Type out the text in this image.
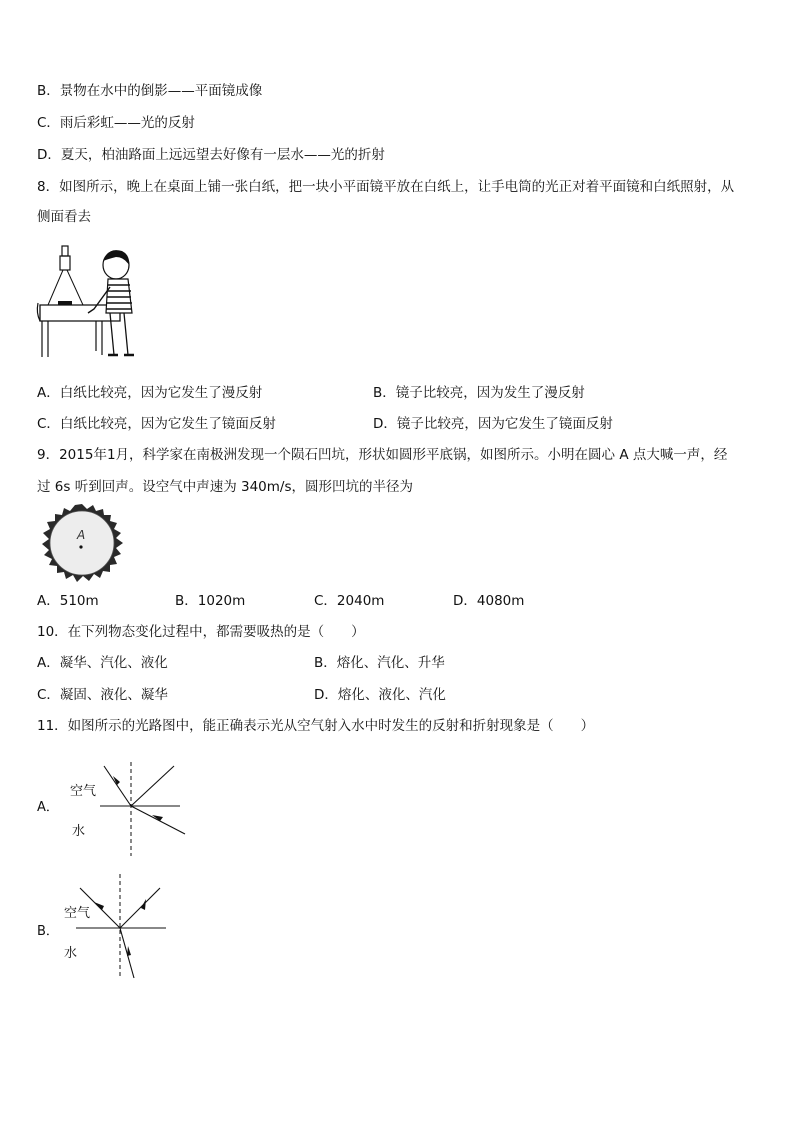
B．景物在水中的倒影——平面镜成像
C．雨后彩虹——光的反射
D．夏天，柏油路面上远远望去好像有一层水——光的折射
8．如图所示，晚上在桌面上铺一张白纸，把一块小平面镜平放在白纸上，让手电筒的光正对着平面镜和白纸照射，从
侧面看去
A．白纸比较亮，因为它发生了漫反射	B．镜子比较亮，因为发生了漫反射
C．白纸比较亮，因为它发生了镜面反射	D．镜子比较亮，因为它发生了镜面反射
9．2015年1月，科学家在南极洲发现一个陨石凹坑，形状如圆形平底锅，如图所示。小明在圆心 A 点大喊一声，经
过 6s 听到回声。设空气中声速为 340m/s，圆形凹坑的半径为
A
A．510m	B．1020m	C．2040m	D．4080m
10．在下列物态变化过程中，都需要吸热的是（　　）
A．凝华、汽化、液化	B．熔化、汽化、升华
C．凝固、液化、凝华	D．熔化、液化、汽化
11．如图所示的光路图中，能正确表示光从空气射入水中时发生的反射和折射现象是（　　）
A．
空气
水
B．
空气
水
